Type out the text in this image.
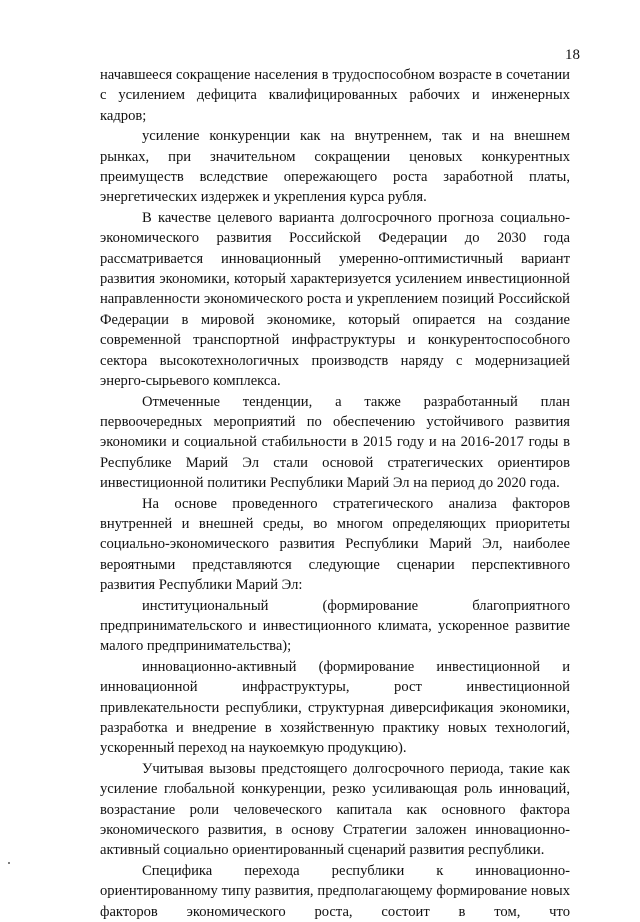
18

начавшееся сокращение населения в трудоспособном возрасте в сочетании с усилением дефицита квалифицированных рабочих и инженерных кадров;

усиление конкуренции как на внутреннем, так и на внешнем рынках, при значительном сокращении ценовых конкурентных преимуществ вследствие опережающего роста заработной платы, энергетических издержек и укрепления курса рубля.

В качестве целевого варианта долгосрочного прогноза социально-экономического развития Российской Федерации до 2030 года рассматривается инновационный умеренно-оптимистичный вариант развития экономики, который характеризуется усилением инвестиционной направленности экономического роста и укреплением позиций Российской Федерации в мировой экономике, который опирается на создание современной транспортной инфраструктуры и конкурентоспособного сектора высокотехнологичных производств наряду с модернизацией энерго-сырьевого комплекса.

Отмеченные тенденции, а также разработанный план первоочередных мероприятий по обеспечению устойчивого развития экономики и социальной стабильности в 2015 году и на 2016-2017 годы в Республике Марий Эл стали основой стратегических ориентиров инвестиционной политики Республики Марий Эл на период до 2020 года.

На основе проведенного стратегического анализа факторов внутренней и внешней среды, во многом определяющих приоритеты социально-экономического развития Республики Марий Эл, наиболее вероятными представляются следующие сценарии перспективного развития Республики Марий Эл:

институциональный (формирование благоприятного предпринимательского и инвестиционного климата, ускоренное развитие малого предпринимательства);

инновационно-активный (формирование инвестиционной и инновационной инфраструктуры, рост инвестиционной привлекательности республики, структурная диверсификация экономики, разработка и внедрение в хозяйственную практику новых технологий, ускоренный переход на наукоемкую продукцию).

Учитывая вызовы предстоящего долгосрочного периода, такие как усиление глобальной конкуренции, резко усиливающая роль инноваций, возрастание роли человеческого капитала как основного фактора экономического развития, в основу Стратегии заложен инновационно-активный социально ориентированный сценарий развития республики.

Специфика перехода республики к инновационно-ориентированному типу развития, предполагающему формирование новых факторов экономического роста, состоит в том, что
